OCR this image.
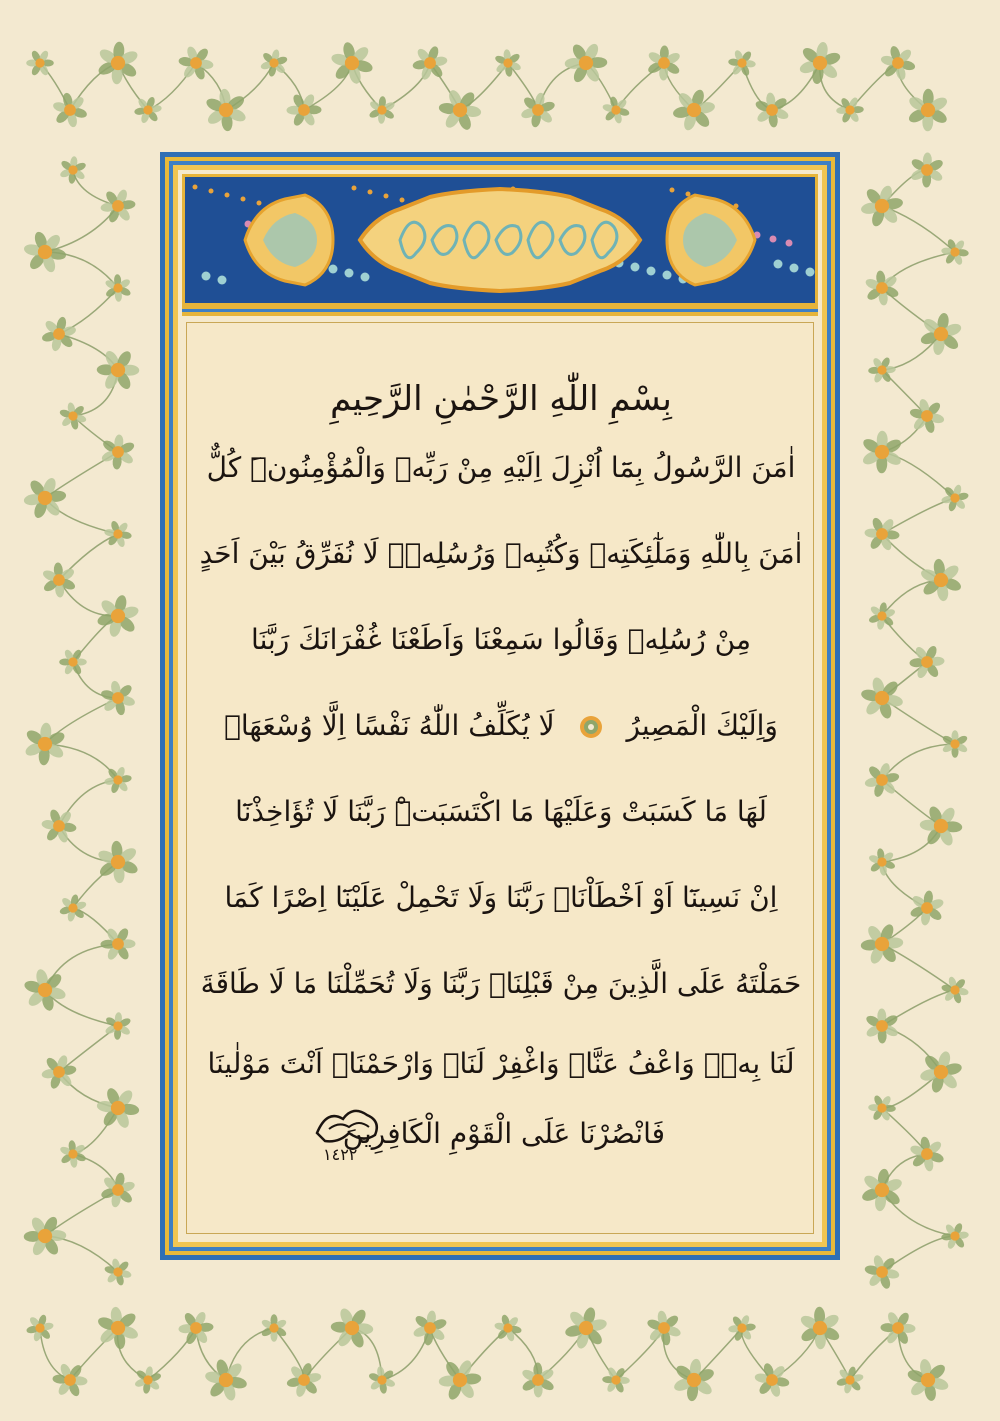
بِسْمِ اللّٰهِ الرَّحْمٰنِ الرَّحِيمِ
اٰمَنَ الرَّسُولُ بِمَٓا اُنْزِلَ اِلَيْهِ مِنْ رَبِّهٖ وَالْمُؤْمِنُونَۜ كُلٌّ
اٰمَنَ بِاللّٰهِ وَمَلٰٓئِكَتِهٖ وَكُتُبِهٖ وَرُسُلِهٖۜ لَا نُفَرِّقُ بَيْنَ اَحَدٍ
مِنْ رُسُلِهٖ وَقَالُوا سَمِعْنَا وَاَطَعْنَا غُفْرَانَكَ رَبَّنَا
وَاِلَيْكَ الْمَصِيرُ  لَا يُكَلِّفُ اللّٰهُ نَفْسًا اِلَّا وُسْعَهَاۜ
لَهَا مَا كَسَبَتْ وَعَلَيْهَا مَا اكْتَسَبَتْۜ رَبَّنَا لَا تُؤَاخِذْنَٓا
اِنْ نَسِينَٓا اَوْ اَخْطَاْنَاۚ رَبَّنَا وَلَا تَحْمِلْ عَلَيْنَٓا اِصْرًا كَمَا
حَمَلْتَهُ عَلَى الَّذِينَ مِنْ قَبْلِنَاۚ رَبَّنَا وَلَا تُحَمِّلْنَا مَا لَا طَاقَةَ
لَنَا بِهٖۚ وَاعْفُ عَنَّاࣞ وَاغْفِرْ لَنَاࣞ وَارْحَمْنَاࣞ اَنْتَ مَوْلٰينَا
فَانْصُرْنَا عَلَى الْقَوْمِ الْكَافِرِينَ
١٤٢٢
